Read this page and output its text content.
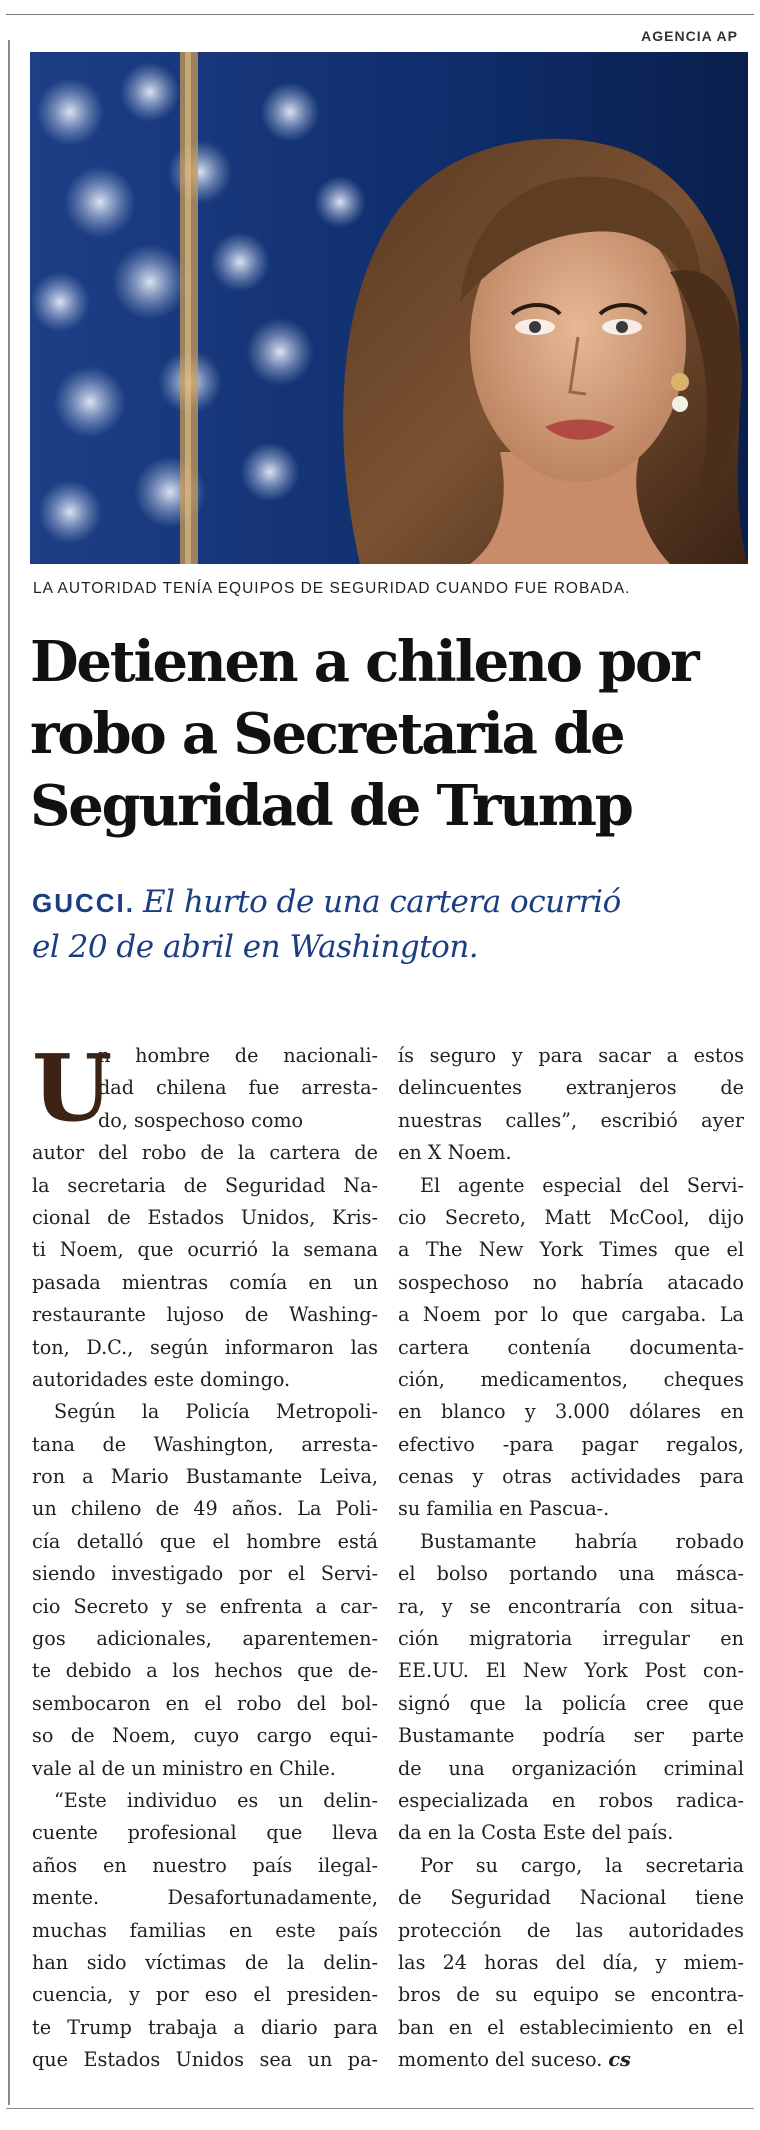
AGENCIA AP
LA AUTORIDAD TENÍA EQUIPOS DE SEGURIDAD CUANDO FUE ROBADA.
Detienen a chileno por
robo a Secretaria de
Seguridad de Trump
GUCCI. El hurto de una cartera ocurrió
el 20 de abril en Washington.
U
n hombre de nacionali-
dad chilena fue arresta-
do, sospechoso como
autor del robo de la cartera de
la secretaria de Seguridad Na-
cional de Estados Unidos, Kris-
ti Noem, que ocurrió la semana
pasada mientras comía en un
restaurante lujoso de Washing-
ton, D.C., según informaron las
autoridades este domingo.
Según la Policía Metropoli-
tana de Washington, arresta-
ron a Mario Bustamante Leiva,
un chileno de 49 años. La Poli-
cía detalló que el hombre está
siendo investigado por el Servi-
cio Secreto y se enfrenta a car-
gos adicionales, aparentemen-
te debido a los hechos que de-
sembocaron en el robo del bol-
so de Noem, cuyo cargo equi-
vale al de un ministro en Chile.
“Este individuo es un delin-
cuente profesional que lleva
años en nuestro país ilegal-
mente. Desafortunadamente,
muchas familias en este país
han sido víctimas de la delin-
cuencia, y por eso el presiden-
te Trump trabaja a diario para
que Estados Unidos sea un pa-
ís seguro y para sacar a estos
delincuentes extranjeros de
nuestras calles”, escribió ayer
en X Noem.
El agente especial del Servi-
cio Secreto, Matt McCool, dijo
a The New York Times que el
sospechoso no habría atacado
a Noem por lo que cargaba. La
cartera contenía documenta-
ción, medicamentos, cheques
en blanco y 3.000 dólares en
efectivo -para pagar regalos,
cenas y otras actividades para
su familia en Pascua-.
Bustamante habría robado
el bolso portando una másca-
ra, y se encontraría con situa-
ción migratoria irregular en
EE.UU. El New York Post con-
signó que la policía cree que
Bustamante podría ser parte
de una organización criminal
especializada en robos radica-
da en la Costa Este del país.
Por su cargo, la secretaria
de Seguridad Nacional tiene
protección de las autoridades
las 24 horas del día, y miem-
bros de su equipo se encontra-
ban en el establecimiento en el
momento del suceso. cs
